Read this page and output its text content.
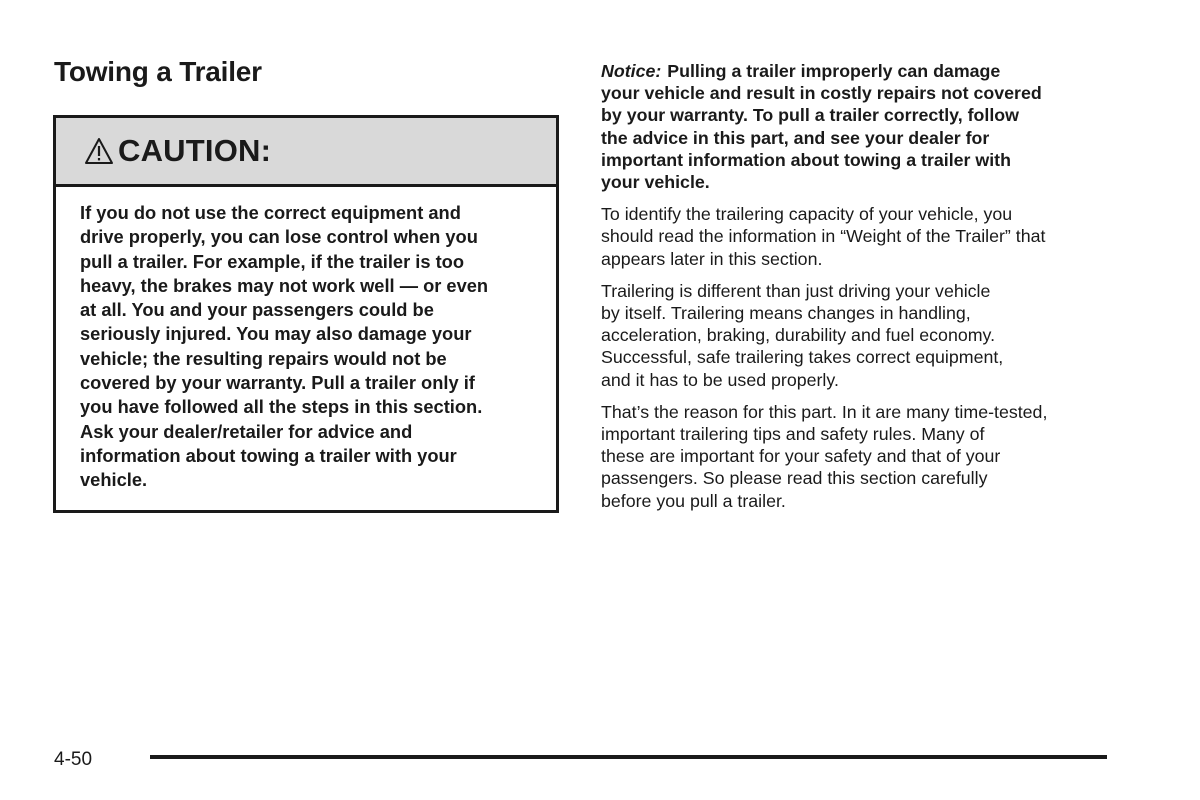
Towing a Trailer
CAUTION:

If you do not use the correct equipment and
drive properly, you can lose control when you
pull a trailer. For example, if the trailer is too
heavy, the brakes may not work well — or even
at all. You and your passengers could be
seriously injured. You may also damage your
vehicle; the resulting repairs would not be
covered by your warranty. Pull a trailer only if
you have followed all the steps in this section.
Ask your dealer/retailer for advice and
information about towing a trailer with your
vehicle.

Notice: Pulling a trailer improperly can damage
your vehicle and result in costly repairs not covered
by your warranty. To pull a trailer correctly, follow
the advice in this part, and see your dealer for
important information about towing a trailer with
your vehicle.

To identify the trailering capacity of your vehicle, you
should read the information in “Weight of the Trailer” that
appears later in this section.

Trailering is different than just driving your vehicle
by itself. Trailering means changes in handling,
acceleration, braking, durability and fuel economy.
Successful, safe trailering takes correct equipment,
and it has to be used properly.

That’s the reason for this part. In it are many time-tested,
important trailering tips and safety rules. Many of
these are important for your safety and that of your
passengers. So please read this section carefully
before you pull a trailer.

4-50
